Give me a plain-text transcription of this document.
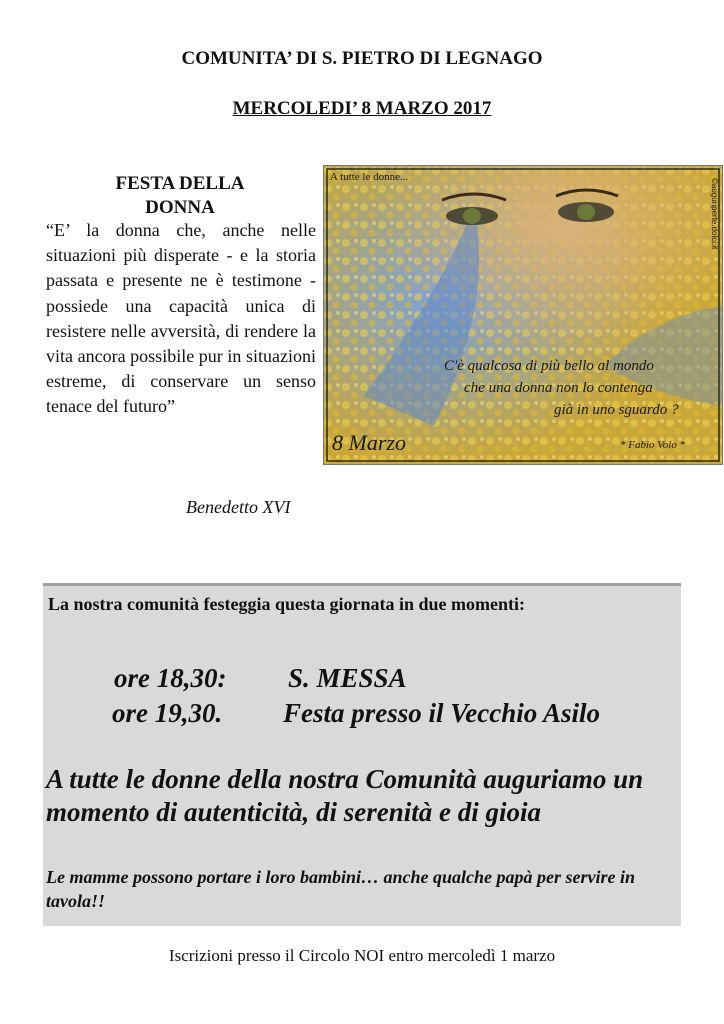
COMUNITA’ DI S. PIETRO DI LEGNAGO
MERCOLEDI’ 8 MARZO 2017
FESTA DELLA
DONNA
“E’ la donna che, anche nelle situazioni più disperate - e la storia passata e presente ne è testimone - possiede una capacità unica di resistere nelle avversità, di rendere la vita ancora possibile pur in situazioni estreme, di conservare un senso tenace del futuro”
Benedetto XVI
A tutte le donne...
C'è qualcosa di più bello al mondo
che una donna non lo contenga
già in uno sguardo ?
8 Marzo	* Fabio Volo *
©auguriperte.dolci.it
La nostra comunità festeggia questa giornata in due momenti:
ore 18,30: S. MESSA
ore 19,30. Festa presso il Vecchio Asilo
A tutte le donne della nostra Comunità auguriamo un momento di autenticità, di serenità e di gioia
Le mamme possono portare i loro bambini… anche qualche papà per servire in tavola!!
Iscrizioni presso il Circolo NOI entro mercoledì 1 marzo
